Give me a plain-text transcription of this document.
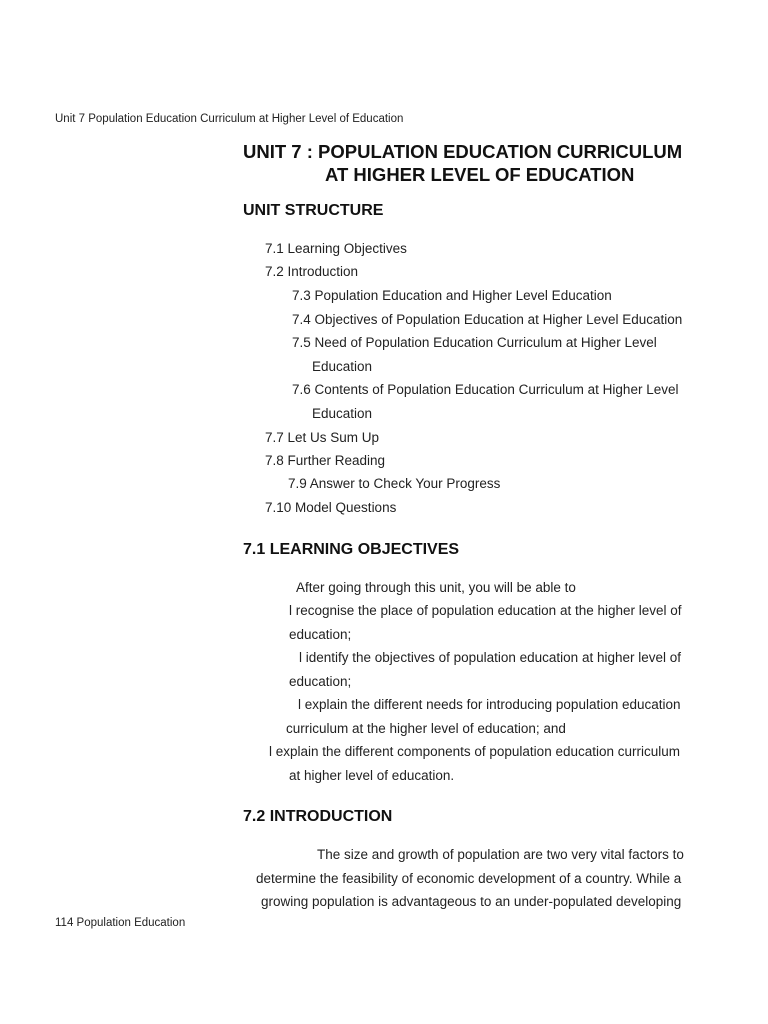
Unit 7 Population Education Curriculum at Higher Level of Education
UNIT 7 : POPULATION EDUCATION CURRICULUM
AT HIGHER LEVEL OF EDUCATION
UNIT STRUCTURE
7.1 Learning Objectives
7.2 Introduction
7.3 Population Education and Higher Level Education
7.4 Objectives of Population Education at Higher Level Education
7.5 Need of Population Education Curriculum at Higher Level
Education
7.6 Contents of Population Education Curriculum at Higher Level
Education
7.7 Let Us Sum Up
7.8 Further Reading
7.9 Answer to Check Your Progress
7.10 Model Questions
7.1 LEARNING OBJECTIVES
After going through this unit, you will be able to
l recognise the place of population education at the higher level of
education;
l identify the objectives of population education at higher level of
education;
l explain the different needs for introducing population education
curriculum at the higher level of education; and
l explain the different components of population education curriculum
at higher level of education.
7.2 INTRODUCTION
The size and growth of population are two very vital factors to
determine the feasibility of economic development of a country. While a
growing population is advantageous to an under-populated developing
114 Population Education
